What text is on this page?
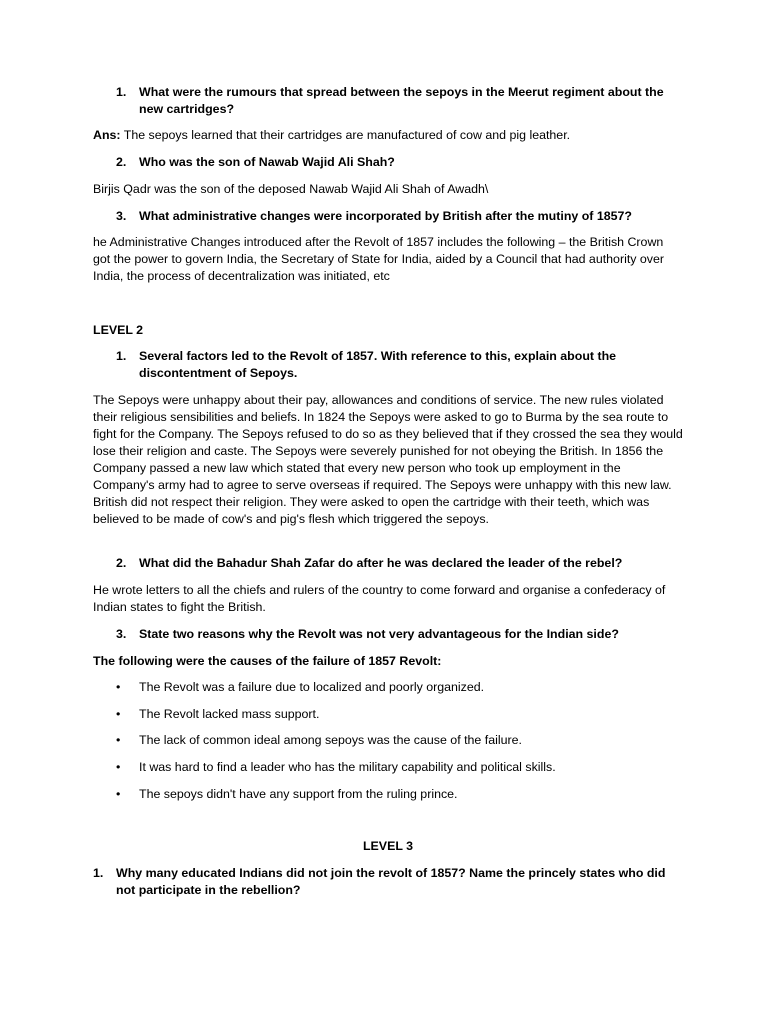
1.	What were the rumours that spread between the sepoys in the Meerut regiment about the new cartridges?

Ans: The sepoys learned that their cartridges are manufactured of cow and pig leather.

2.	Who was the son of Nawab Wajid Ali Shah?

Birjis Qadr was the son of the deposed Nawab Wajid Ali Shah of Awadh\

3.	What administrative changes were incorporated by British after the mutiny of 1857?

he Administrative Changes introduced after the Revolt of 1857 includes the following – the British Crown got the power to govern India, the Secretary of State for India, aided by a Council that had authority over India, the process of decentralization was initiated, etc

LEVEL 2

1.	Several factors led to the Revolt of 1857. With reference to this, explain about the discontentment of Sepoys.

The Sepoys were unhappy about their pay, allowances and conditions of service. The new rules violated their religious sensibilities and beliefs. In 1824 the Sepoys were asked to go to Burma by the sea route to fight for the Company. The Sepoys refused to do so as they believed that if they crossed the sea they would lose their religion and caste. The Sepoys were severely punished for not obeying the British. In 1856 the Company passed a new law which stated that every new person who took up employment in the Company's army had to agree to serve overseas if required. The Sepoys were unhappy with this new law. British did not respect their religion. They were asked to open the cartridge with their teeth, which was believed to be made of cow's and pig's flesh which triggered the sepoys.

2.	What did the Bahadur Shah Zafar do after he was declared the leader of the rebel?

He wrote letters to all the chiefs and rulers of the country to come forward and organise a confederacy of Indian states to fight the British.

3.	State two reasons why the Revolt was not very advantageous for the Indian side?

The following were the causes of the failure of 1857 Revolt:

•	The Revolt was a failure due to localized and poorly organized.
•	The Revolt lacked mass support.
•	The lack of common ideal among sepoys was the cause of the failure.
•	It was hard to find a leader who has the military capability and political skills.
•	The sepoys didn't have any support from the ruling prince.

LEVEL 3

1.	Why many educated Indians did not join the revolt of 1857? Name the princely states who did not participate in the rebellion?
